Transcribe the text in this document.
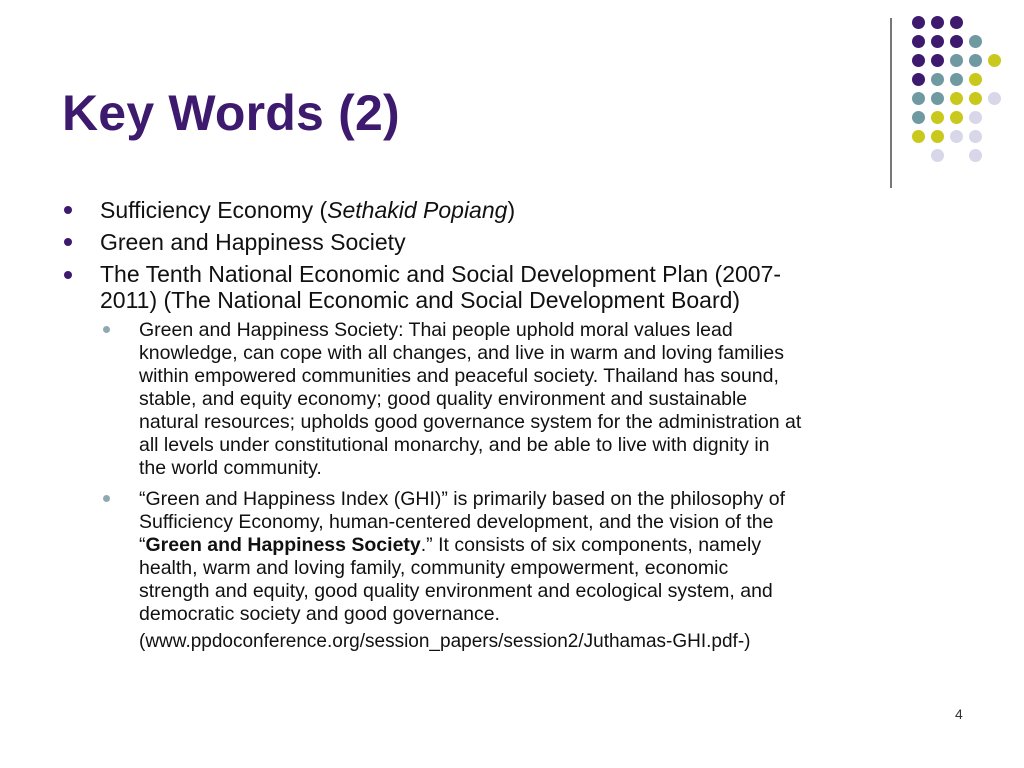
Key Words (2)
Sufficiency Economy (Sethakid Popiang)
Green and Happiness Society
The Tenth National Economic and Social Development Plan (2007-
2011) (The National Economic and Social Development Board)
Green and Happiness Society: Thai people uphold moral values lead
knowledge, can cope with all changes, and live in warm and loving families
within empowered communities and peaceful society. Thailand has sound,
stable, and equity economy; good quality environment and sustainable
natural resources; upholds good governance system for the administration at
all levels under constitutional monarchy, and be able to live with dignity in
the world community.
“Green and Happiness Index (GHI)” is primarily based on the philosophy of
Sufficiency Economy, human-centered development, and the vision of the
“Green and Happiness Society.” It consists of six components, namely
health, warm and loving family, community empowerment, economic
strength and equity, good quality environment and ecological system, and
democratic society and good governance.
(www.ppdoconference.org/session_papers/session2/Juthamas-GHI.pdf-)
4
